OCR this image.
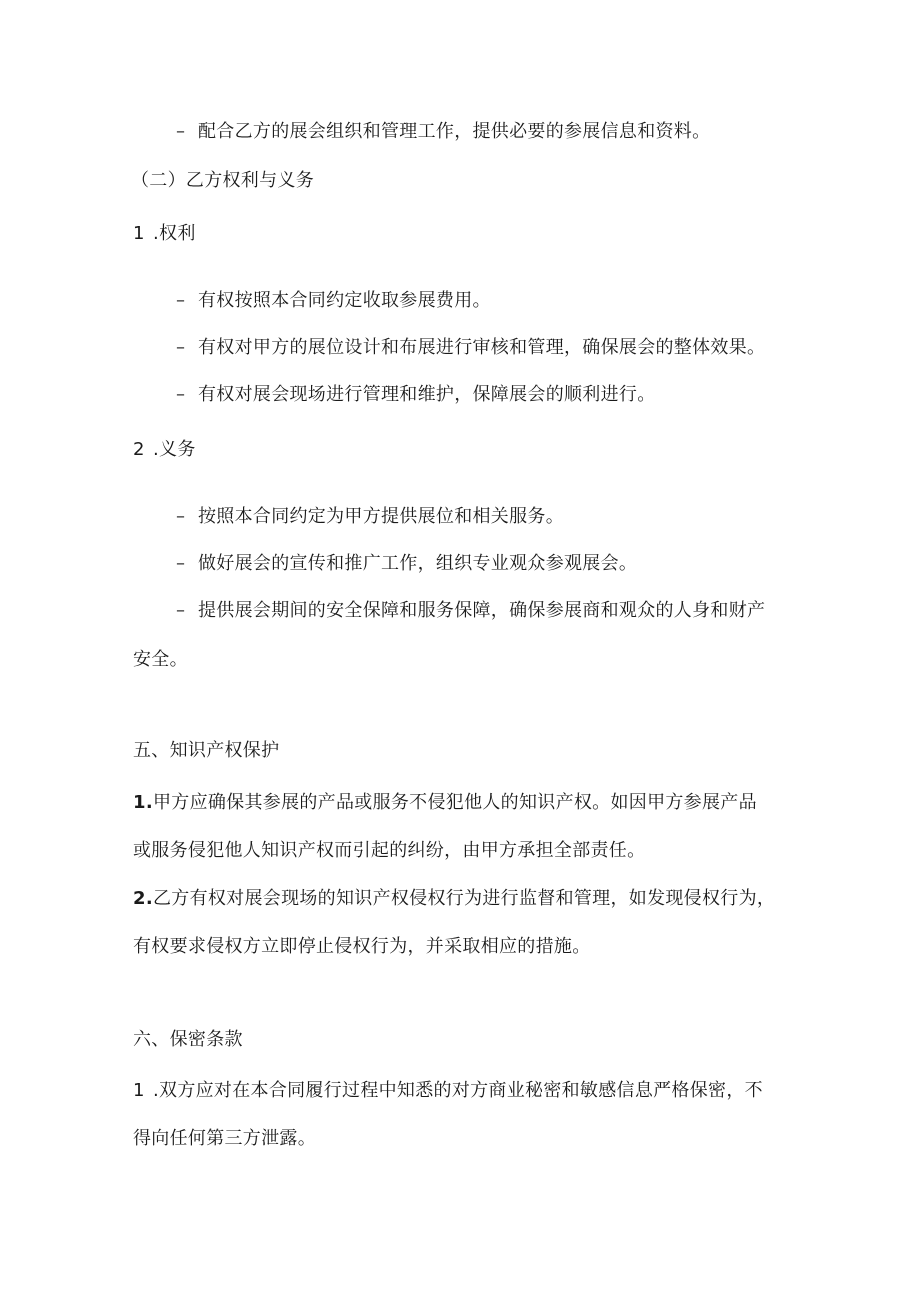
– 配合乙方的展会组织和管理工作，提供必要的参展信息和资料。
（二）乙方权利与义务
1 .权利
– 有权按照本合同约定收取参展费用。
– 有权对甲方的展位设计和布展进行审核和管理，确保展会的整体效果。
– 有权对展会现场进行管理和维护，保障展会的顺利进行。
2 .义务
– 按照本合同约定为甲方提供展位和相关服务。
– 做好展会的宣传和推广工作，组织专业观众参观展会。
– 提供展会期间的安全保障和服务保障，确保参展商和观众的人身和财产
安全。
五、知识产权保护
1.甲方应确保其参展的产品或服务不侵犯他人的知识产权。如因甲方参展产品
或服务侵犯他人知识产权而引起的纠纷，由甲方承担全部责任。
2.乙方有权对展会现场的知识产权侵权行为进行监督和管理，如发现侵权行为，
有权要求侵权方立即停止侵权行为，并采取相应的措施。
六、保密条款
1 .双方应对在本合同履行过程中知悉的对方商业秘密和敏感信息严格保密，不
得向任何第三方泄露。
